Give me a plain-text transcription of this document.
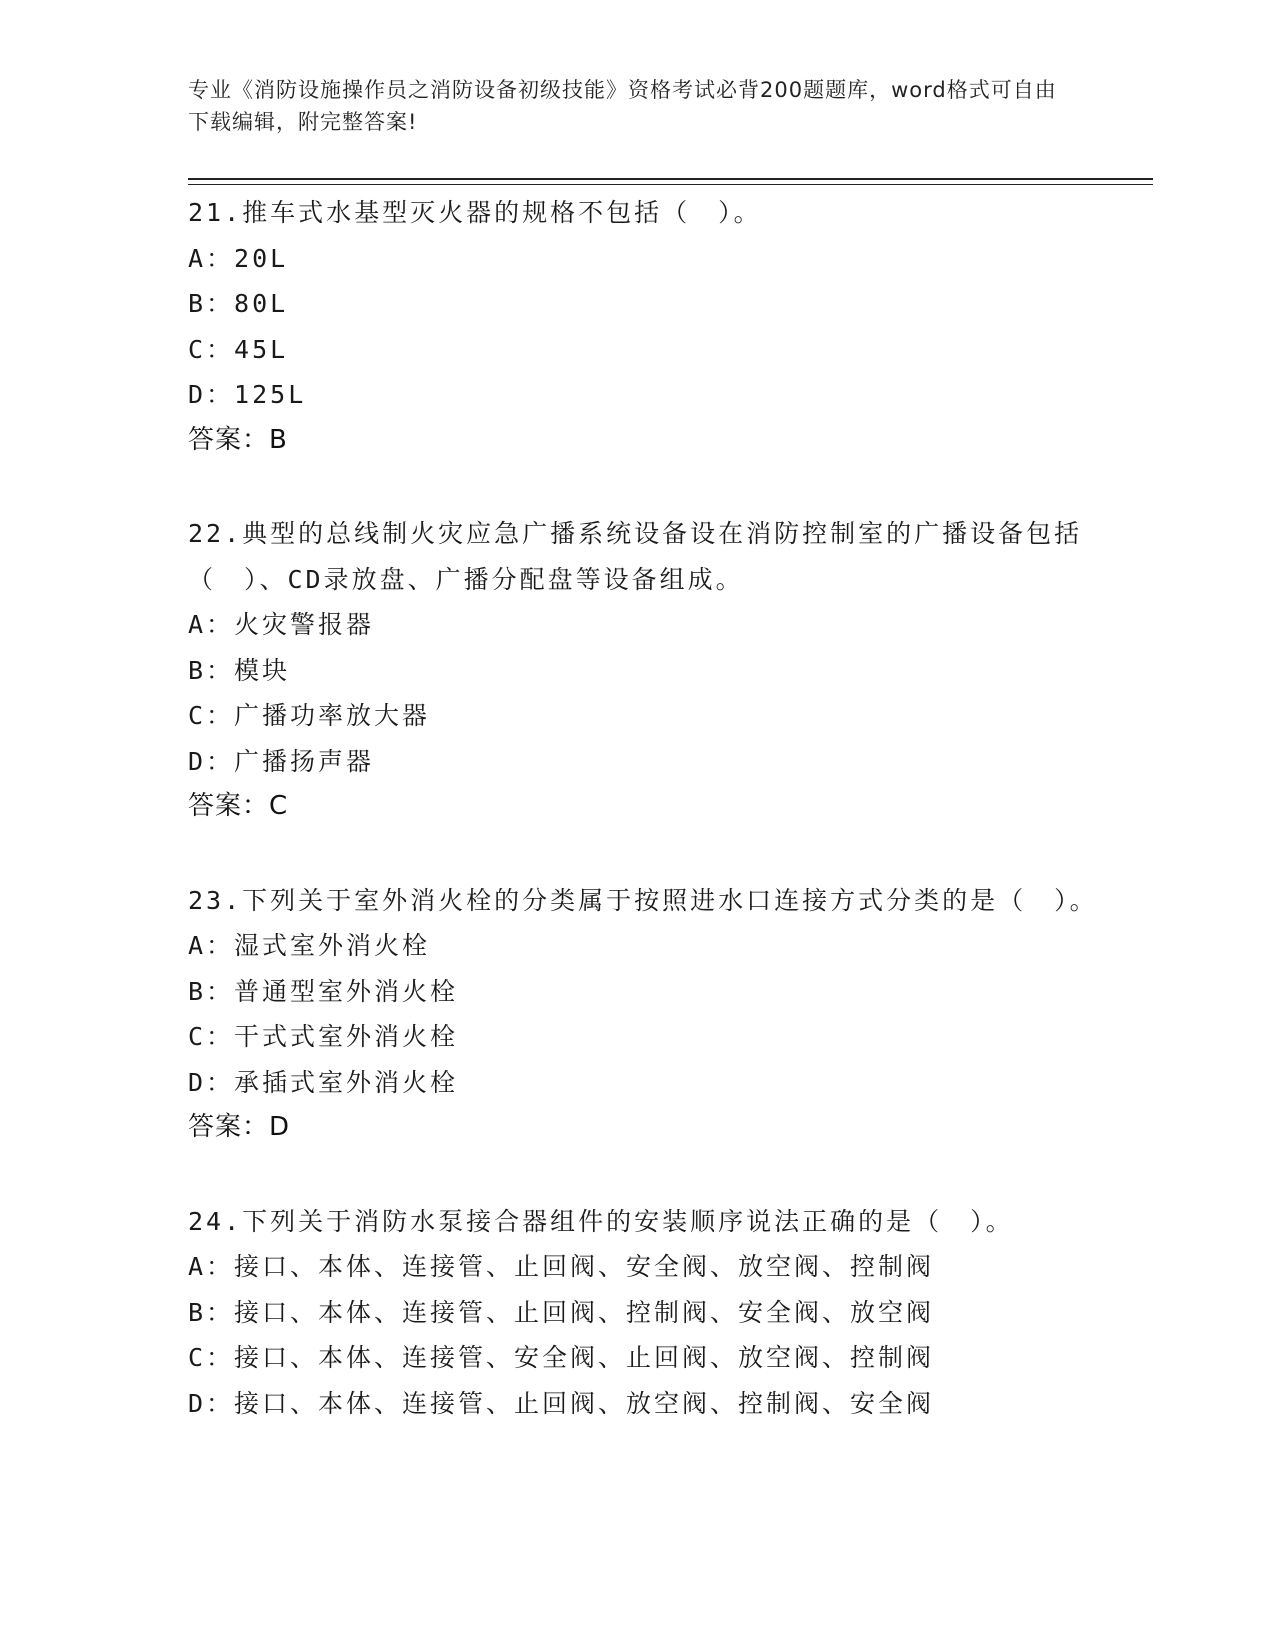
专业《消防设施操作员之消防设备初级技能》资格考试必背200题题库，word格式可自由下载编辑，附完整答案!
21.推车式水基型灭火器的规格不包括（　）。
A：20L
B：80L
C：45L
D：125L
答案：B
22.典型的总线制火灾应急广播系统设备设在消防控制室的广播设备包括（　）、CD录放盘、广播分配盘等设备组成。
A：火灾警报器
B：模块
C：广播功率放大器
D：广播扬声器
答案：C
23.下列关于室外消火栓的分类属于按照进水口连接方式分类的是（　）。
A：湿式室外消火栓
B：普通型室外消火栓
C：干式式室外消火栓
D：承插式室外消火栓
答案：D
24.下列关于消防水泵接合器组件的安装顺序说法正确的是（　）。
A：接口、本体、连接管、止回阀、安全阀、放空阀、控制阀
B：接口、本体、连接管、止回阀、控制阀、安全阀、放空阀
C：接口、本体、连接管、安全阀、止回阀、放空阀、控制阀
D：接口、本体、连接管、止回阀、放空阀、控制阀、安全阀
